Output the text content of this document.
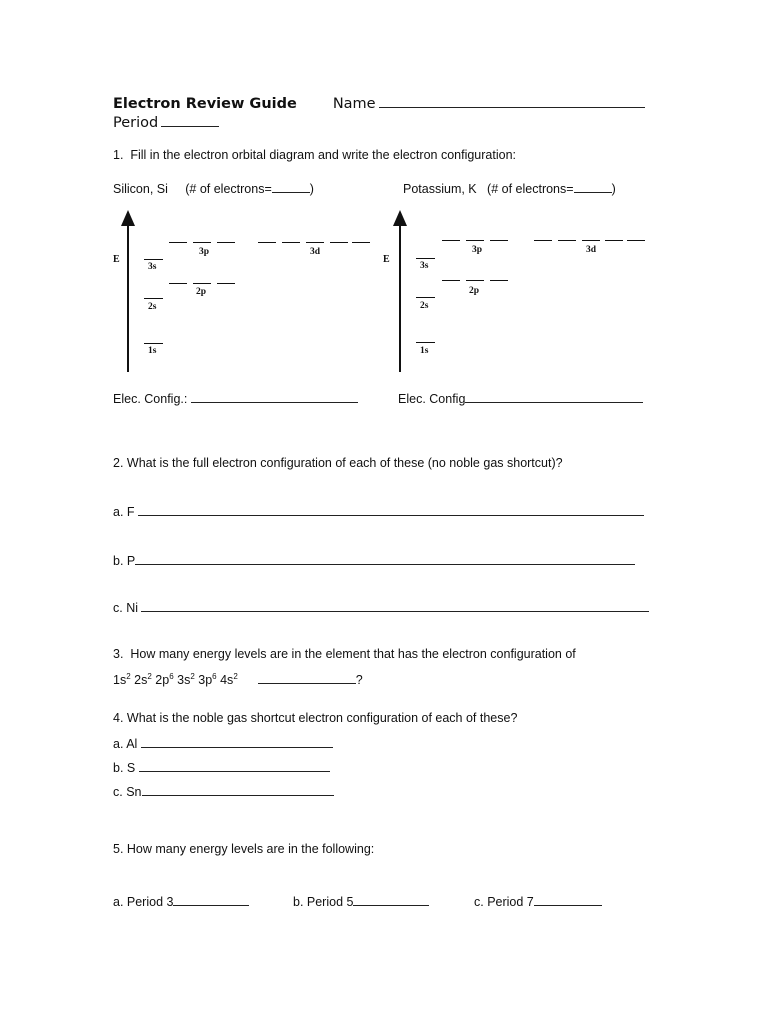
Electron Review Guide Name
Period
1.  Fill in the electron orbital diagram and write the electron configuration:
Silicon, Si     (# of electrons=	)	Potassium, K   (# of electrons=	)
E
1s
2s
2p
3s
3p	3d
E
1s
2s
2p
3s
3p	3d
Elec. Config.:	Elec. Config
2. What is the full electron configuration of each of these (no noble gas shortcut)?
a. F
b. P
c. Ni
3.  How many energy levels are in the element that has the electron configuration of
$1s^2$ $2s^2$ $2p^6$ $3s^2$ $3p^6$ $4s^2$	?
4. What is the noble gas shortcut electron configuration of each of these?
a. Al
b. S
c. Sn
5. How many energy levels are in the following:
a. Period 3	b. Period 5	c. Period 7
